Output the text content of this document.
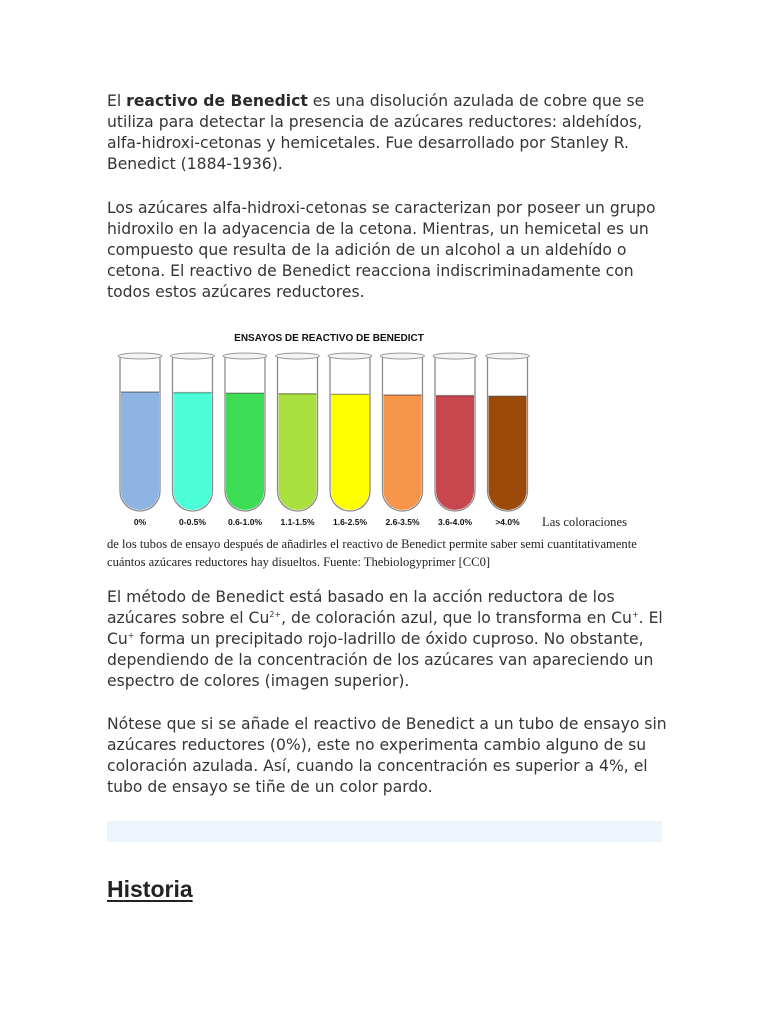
El reactivo de Benedict es una disolución azulada de cobre que se utiliza para detectar la presencia de azúcares reductores: aldehídos, alfa-hidroxi-cetonas y hemicetales. Fue desarrollado por Stanley R. Benedict (1884-1936).

Los azúcares alfa-hidroxi-cetonas se caracterizan por poseer un grupo hidroxilo en la adyacencia de la cetona. Mientras, un hemicetal es un compuesto que resulta de la adición de un alcohol a un aldehído o cetona. El reactivo de Benedict reacciona indiscriminadamente con todos estos azúcares reductores.

ENSAYOS DE REACTIVO DE BENEDICT
0%	0-0.5%	0.6-1.0% 1.1-1.5% 1.6-2.5% 2.6-3.5% 3.6-4.0%	>4.0% Las coloraciones
de los tubos de ensayo después de añadirles el reactivo de Benedict permite saber semi cuantitativamente cuántos azúcares reductores hay disueltos. Fuente: Thebiologyprimer [CC0]

El método de Benedict está basado en la acción reductora de los azúcares sobre el $Cu^{2+}$, de coloración azul, que lo transforma en Cu+. El Cu+ forma un precipitado rojo-ladrillo de óxido cuproso. No obstante, dependiendo de la concentración de los azúcares van apareciendo un espectro de colores (imagen superior).

Nótese que si se añade el reactivo de Benedict a un tubo de ensayo sin azúcares reductores (0%), este no experimenta cambio alguno de su coloración azulada. Así, cuando la concentración es superior a 4%, el tubo de ensayo se tiñe de un color pardo.

Historia
